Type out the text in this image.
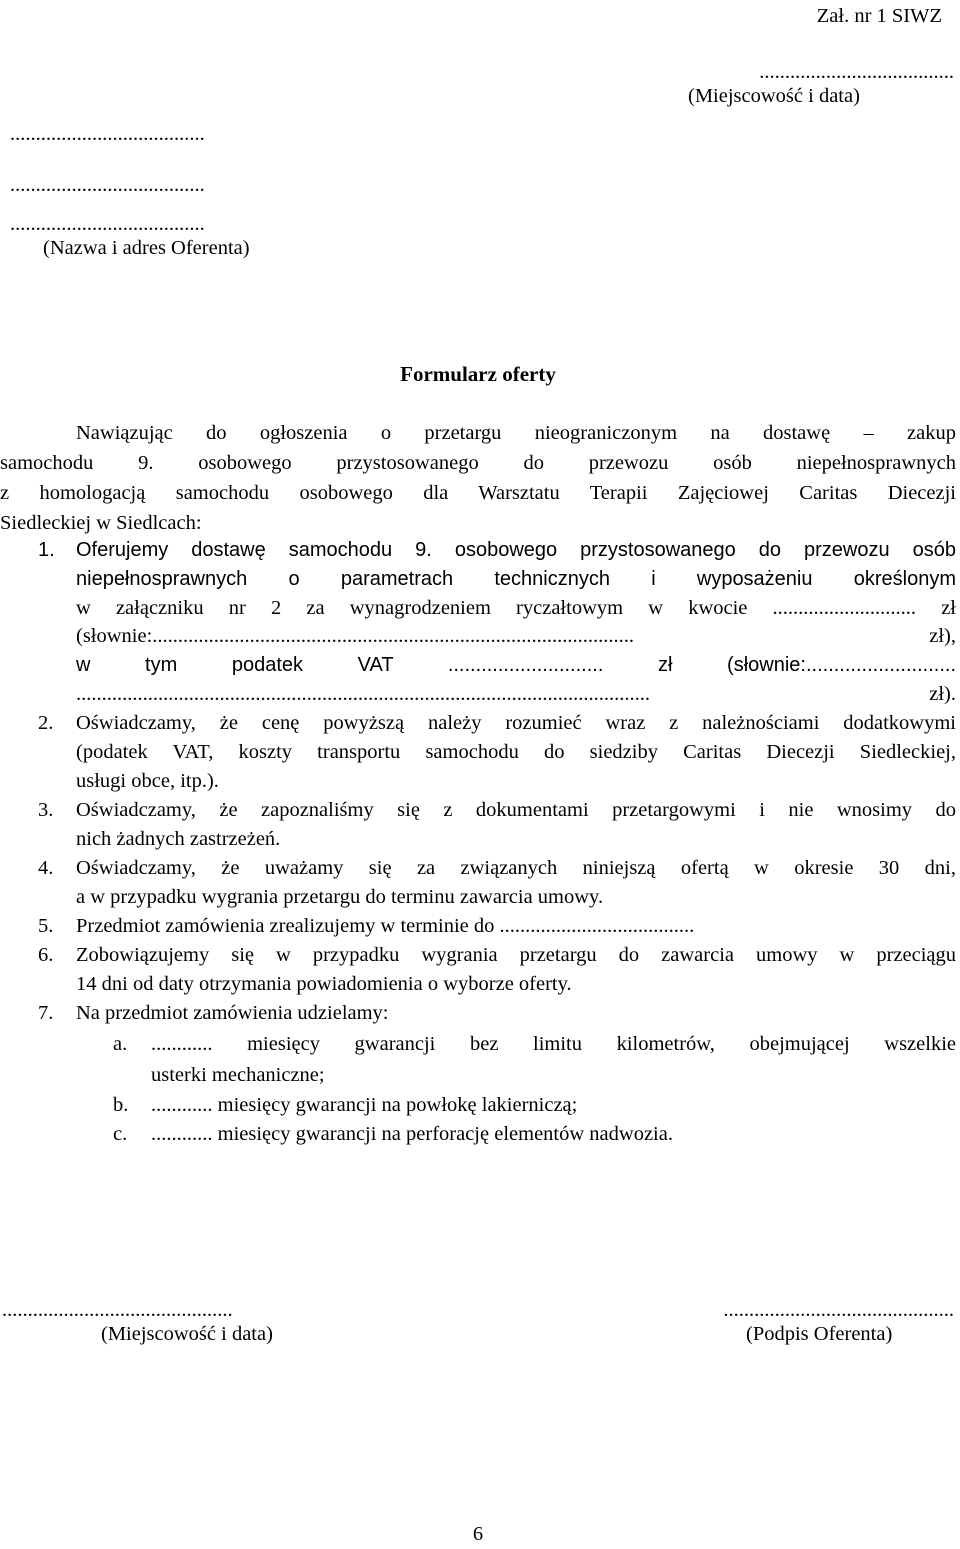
Zał. nr 1 SIWZ
......................................
(Miejscowość i data)
......................................
......................................
......................................
(Nazwa i adres Oferenta)
Formularz oferty
Nawiązując do ogłoszenia o przetargu nieograniczonym na dostawę – zakup
samochodu 9. osobowego przystosowanego do przewozu osób niepełnosprawnych
z homologacją samochodu osobowego dla Warsztatu Terapii Zajęciowej Caritas Diecezji
Siedleckiej w Siedlcach:
1. Oferujemy dostawę samochodu 9. osobowego przystosowanego do przewozu osób
niepełnosprawnych o parametrach technicznych i wyposażeniu określonym
w załączniku nr 2 za wynagrodzeniem ryczałtowym w kwocie ............................ zł
(słownie:.............................................................................................. zł),
w tym podatek VAT ............................ zł (słownie:...........................
................................................................................................................ zł).
2. Oświadczamy, że cenę powyższą należy rozumieć wraz z należnościami dodatkowymi
(podatek VAT, koszty transportu samochodu do siedziby Caritas Diecezji Siedleckiej,
usługi obce, itp.).
3. Oświadczamy, że zapoznaliśmy się z dokumentami przetargowymi i nie wnosimy do
nich żadnych zastrzeżeń.
4. Oświadczamy, że uważamy się za związanych niniejszą ofertą w okresie 30 dni,
a w przypadku wygrania przetargu do terminu zawarcia umowy.
5. Przedmiot zamówienia zrealizujemy w terminie do ......................................
6. Zobowiązujemy się w przypadku wygrania przetargu do zawarcia umowy w przeciągu
14 dni od daty otrzymania powiadomienia o wyborze oferty.
7. Na przedmiot zamówienia udzielamy:
a. ............ miesięcy gwarancji bez limitu kilometrów, obejmującej wszelkie
usterki mechaniczne;
b. ............ miesięcy gwarancji na powłokę lakierniczą;
c. ............ miesięcy gwarancji na perforację elementów nadwozia.
.............................................
(Miejscowość i data)
.............................................
(Podpis Oferenta)
6
